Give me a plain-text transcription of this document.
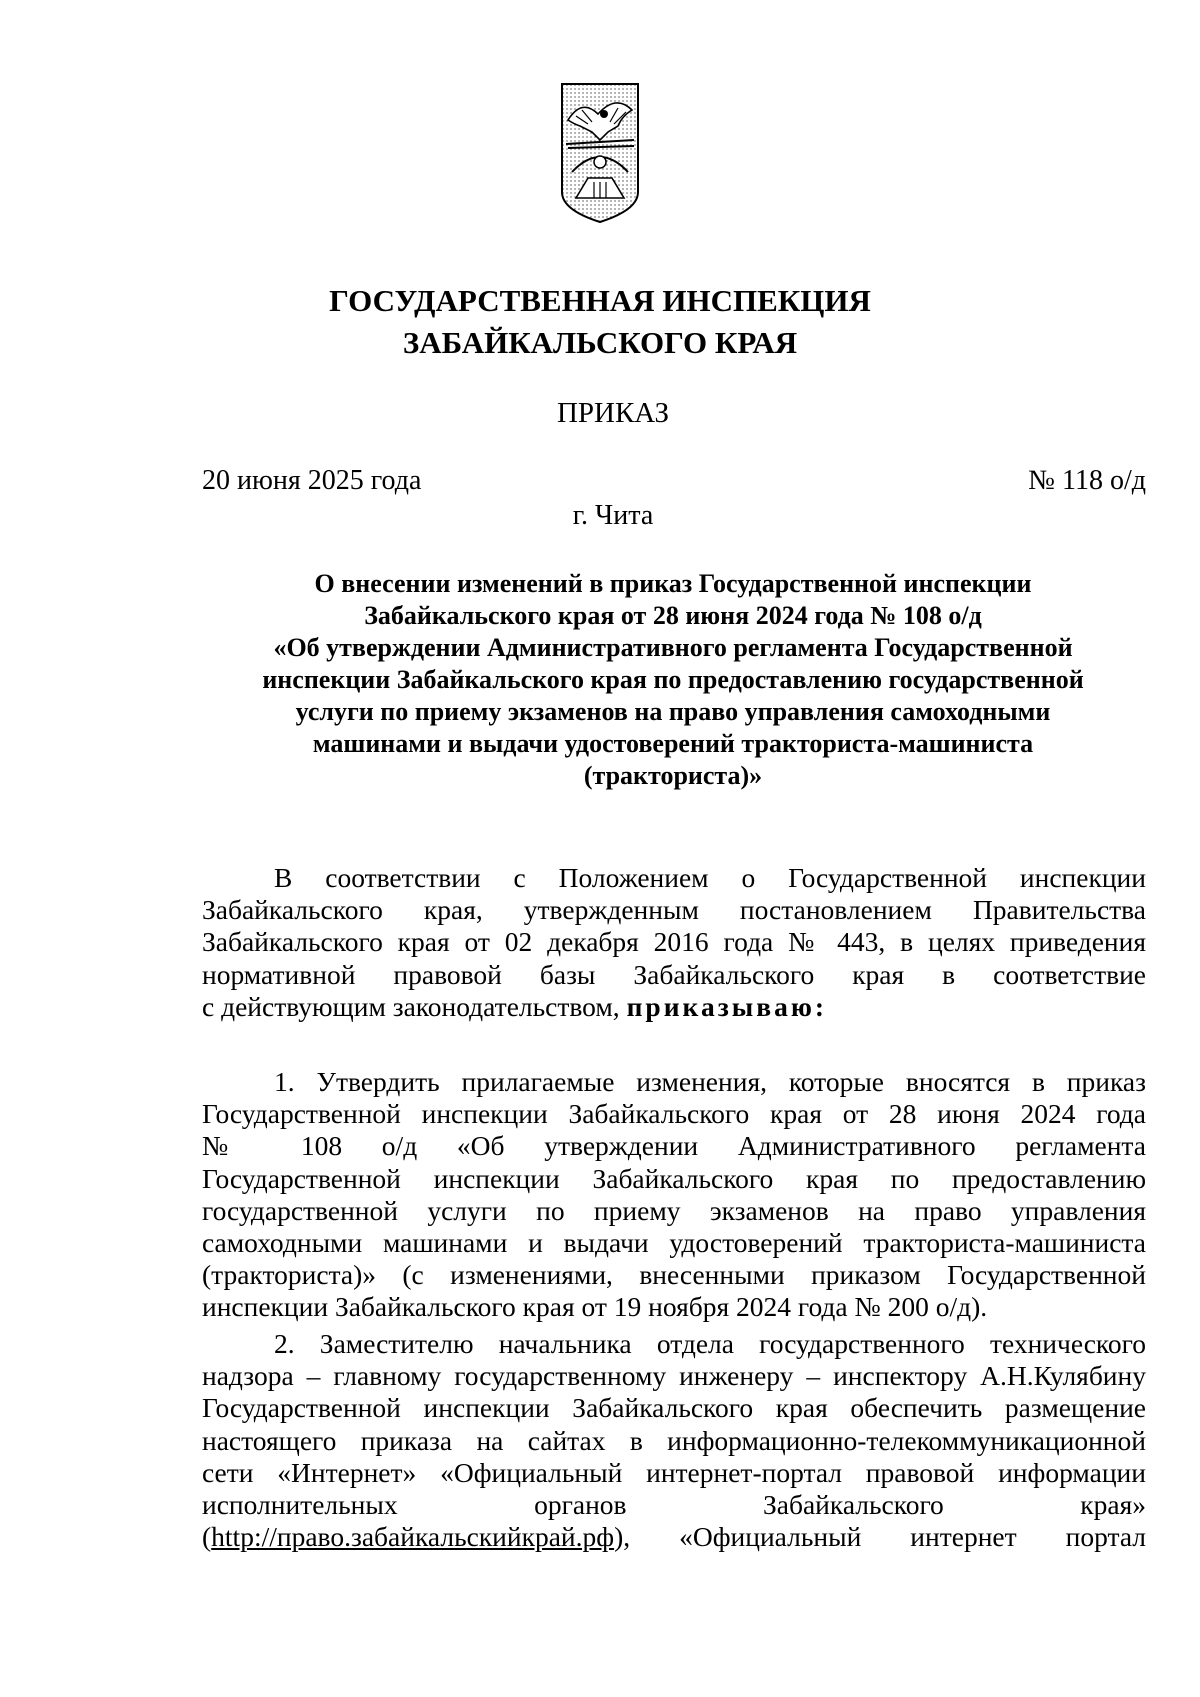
ГОСУДАРСТВЕННАЯ ИНСПЕКЦИЯ
ЗАБАЙКАЛЬСКОГО КРАЯ
ПРИКАЗ
20 июня 2025 года	№ 118 о/д
г. Чита
О внесении изменений в приказ Государственной инспекции
Забайкальского края от 28 июня 2024 года № 108 о/д
«Об утверждении Административного регламента Государственной
инспекции Забайкальского края по предоставлению государственной
услуги по приему экзаменов на право управления самоходными
машинами и выдачи удостоверений тракториста-машиниста
(тракториста)»
В соответствии с Положением о Государственной инспекции
Забайкальского края, утвержденным постановлением Правительства
Забайкальского края от 02 декабря 2016 года № 443, в целях приведения
нормативной правовой базы Забайкальского края в соответствие
с действующим законодательством, приказываю:
1. Утвердить прилагаемые изменения, которые вносятся в приказ
Государственной инспекции Забайкальского края от 28 июня 2024 года
№ 108 о/д «Об утверждении Административного регламента
Государственной инспекции Забайкальского края по предоставлению
государственной услуги по приему экзаменов на право управления
самоходными машинами и выдачи удостоверений тракториста-машиниста
(тракториста)» (с изменениями, внесенными приказом Государственной
инспекции Забайкальского края от 19 ноября 2024 года № 200 о/д).
2. Заместителю начальника отдела государственного технического
надзора – главному государственному инженеру – инспектору А.Н.Кулябину
Государственной инспекции Забайкальского края обеспечить размещение
настоящего приказа на сайтах в информационно-телекоммуникационной
сети «Интернет» «Официальный интернет-портал правовой информации
исполнительных органов Забайкальского края»
(http://право.забайкальскийкрай.рф), «Официальный интернет портал
